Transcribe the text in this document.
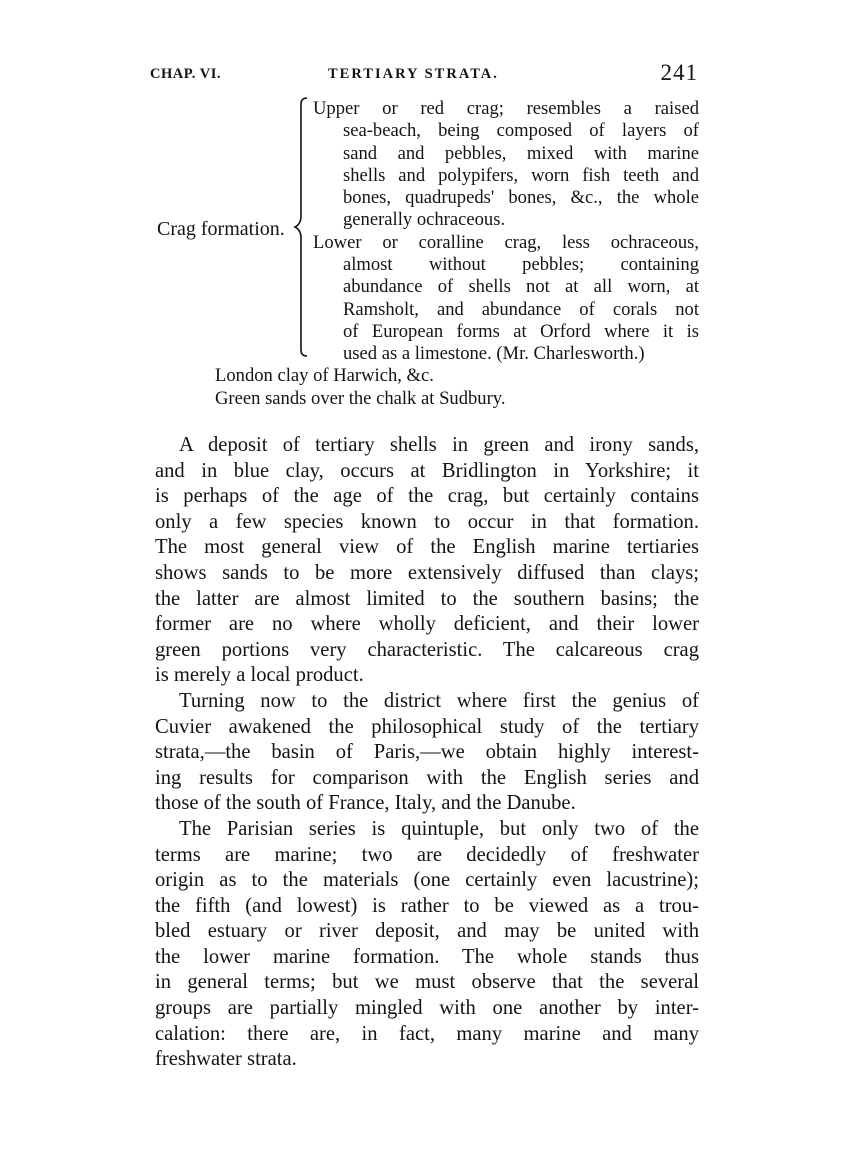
CHAP. VI.	TERTIARY STRATA.	241
Crag formation.
Upper or red crag; resembles a raised
sea-beach, being composed of layers of
sand and pebbles, mixed with marine
shells and polypifers, worn fish teeth and
bones, quadrupeds' bones, &c., the whole
generally ochraceous.
Lower or coralline crag, less ochraceous,
almost without pebbles; containing
abundance of shells not at all worn, at
Ramsholt, and abundance of corals not
of European forms at Orford where it is
used as a limestone. (Mr. Charlesworth.)
London clay of Harwich, &c.
Green sands over the chalk at Sudbury.

A deposit of tertiary shells in green and irony sands,
and in blue clay, occurs at Bridlington in Yorkshire; it
is perhaps of the age of the crag, but certainly contains
only a few species known to occur in that formation.
The most general view of the English marine tertiaries
shows sands to be more extensively diffused than clays;
the latter are almost limited to the southern basins; the
former are no where wholly deficient, and their lower
green portions very characteristic. The calcareous crag
is merely a local product.

Turning now to the district where first the genius of
Cuvier awakened the philosophical study of the tertiary
strata,—the basin of Paris,—we obtain highly interest-
ing results for comparison with the English series and
those of the south of France, Italy, and the Danube.

The Parisian series is quintuple, but only two of the
terms are marine; two are decidedly of freshwater
origin as to the materials (one certainly even lacustrine);
the fifth (and lowest) is rather to be viewed as a trou-
bled estuary or river deposit, and may be united with
the lower marine formation. The whole stands thus
in general terms; but we must observe that the several
groups are partially mingled with one another by inter-
calation: there are, in fact, many marine and many
freshwater strata.
